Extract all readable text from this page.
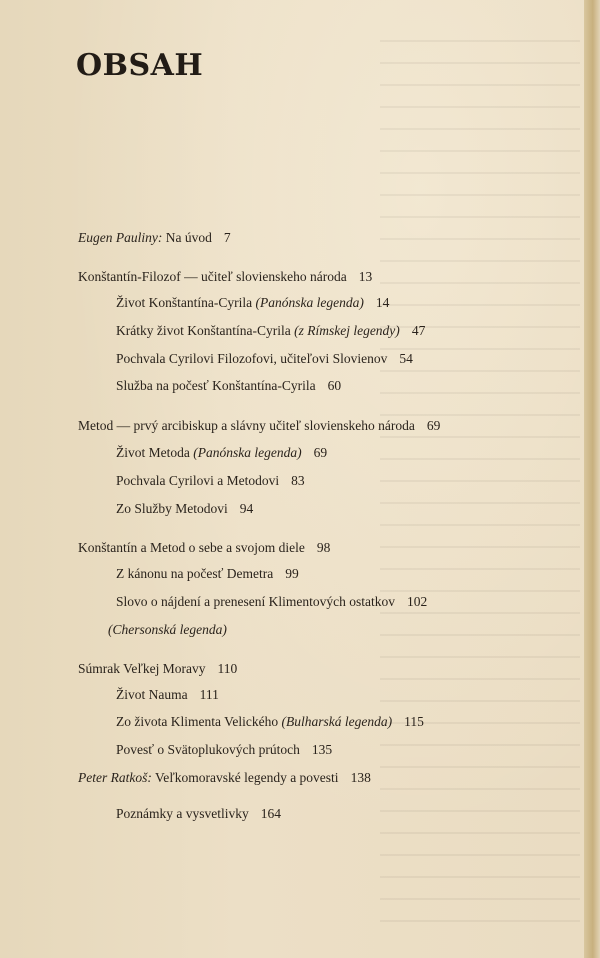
OBSAH
Eugen Pauliny: Na úvod 7
Konštantín-Filozof — učiteľ slovienskeho národa 13
Život Konštantína-Cyrila (Panónska legenda) 14
Krátky život Konštantína-Cyrila (z Rímskej legendy) 47
Pochvala Cyrilovi Filozofovi, učiteľovi Slovienov 54
Služba na počesť Konštantína-Cyrila 60
Metod — prvý arcibiskup a slávny učiteľ slovienskeho národa 69
Život Metoda (Panónska legenda) 69
Pochvala Cyrilovi a Metodovi 83
Zo Služby Metodovi 94
Konštantín a Metod o sebe a svojom diele 98
Z kánonu na počesť Demetra 99
Slovo o nájdení a prenesení Klimentových ostatkov 102
(Chersonská legenda)
Súmrak Veľkej Moravy 110
Život Nauma 111
Zo života Klimenta Velického (Bulharská legenda) 115
Povesť o Svätoplukových prútoch 135
Peter Ratkoš: Veľkomoravské legendy a povesti 138
Poznámky a vysvetlivky 164
